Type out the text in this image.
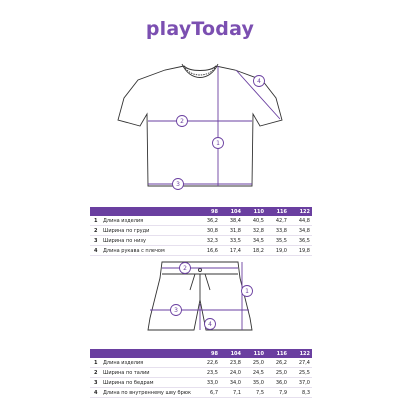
playToday
1
2
3
4
1
2
3
4
98	104	110	116	122
1 Длина изделия	36,2	38,4	40,5	42,7	44,8
2 Ширина по груди	30,8	31,8	32,8	33,8	34,8
3 Ширина по низу	32,3	33,5	34,5	35,5	36,5
4 Длина рукава с плечом	16,6	17,4	18,2	19,0	19,8
98	104	110	116	122
1 Длина изделия	22,6	23,8	25,0	26,2	27,4
2 Ширина по талии	23,5	24,0	24,5	25,0	25,5
3 Ширина по бедрам	33,0	34,0	35,0	36,0	37,0
4 Длина по внутреннему шву брюк	6,7	7,1	7,5	7,9	8,3
